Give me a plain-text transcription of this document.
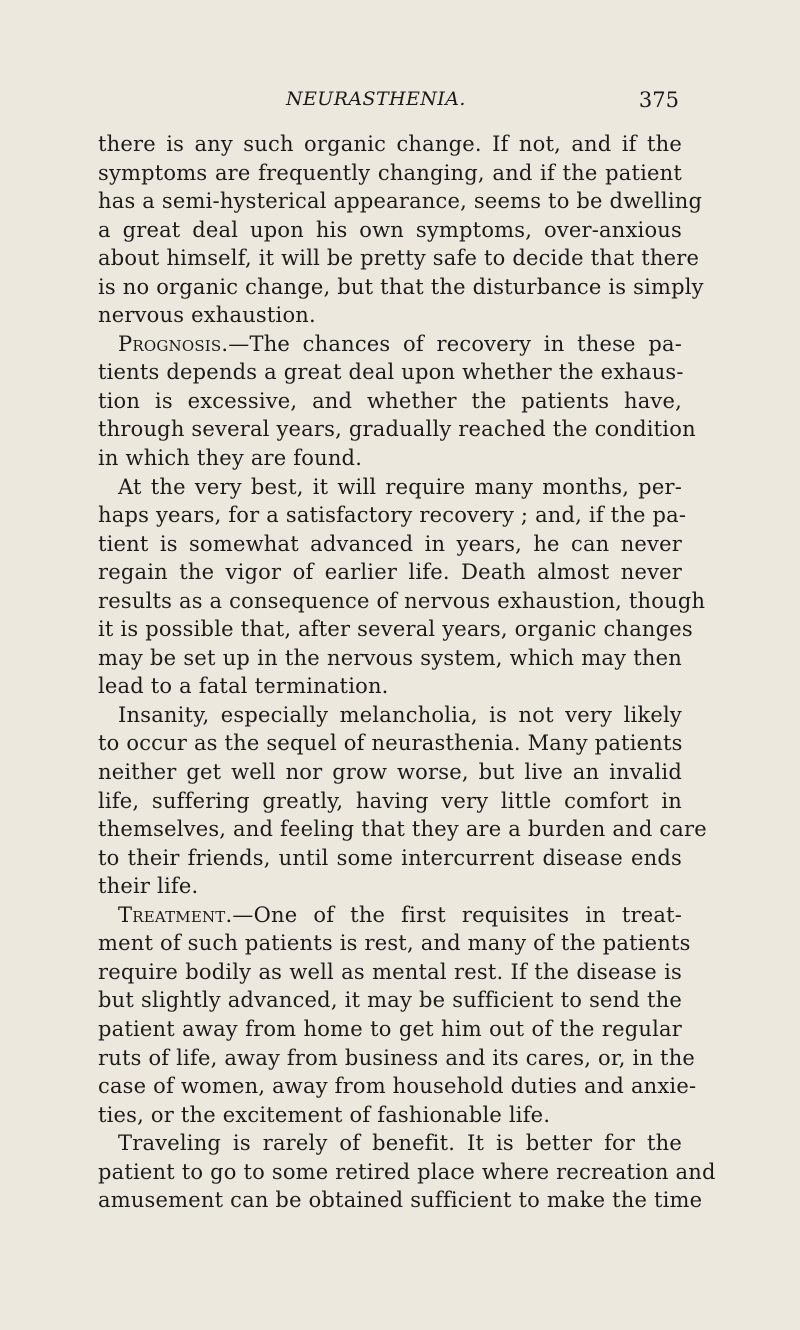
NEURASTHENIA.	375
there is any such organic change. If not, and if the
symptoms are frequently changing, and if the patient
has a semi-hysterical appearance, seems to be dwelling
a great deal upon his own symptoms, over-anxious
about himself, it will be pretty safe to decide that there
is no organic change, but that the disturbance is simply
nervous exhaustion.
Prognosis.—The chances of recovery in these pa-
tients depends a great deal upon whether the exhaus-
tion is excessive, and whether the patients have,
through several years, gradually reached the condition
in which they are found.
At the very best, it will require many months, per-
haps years, for a satisfactory recovery ; and, if the pa-
tient is somewhat advanced in years, he can never
regain the vigor of earlier life. Death almost never
results as a consequence of nervous exhaustion, though
it is possible that, after several years, organic changes
may be set up in the nervous system, which may then
lead to a fatal termination.
Insanity, especially melancholia, is not very likely
to occur as the sequel of neurasthenia. Many patients
neither get well nor grow worse, but live an invalid
life, suffering greatly, having very little comfort in
themselves, and feeling that they are a burden and care
to their friends, until some intercurrent disease ends
their life.
Treatment.—One of the first requisites in treat-
ment of such patients is rest, and many of the patients
require bodily as well as mental rest. If the disease is
but slightly advanced, it may be sufficient to send the
patient away from home to get him out of the regular
ruts of life, away from business and its cares, or, in the
case of women, away from household duties and anxie-
ties, or the excitement of fashionable life.
Traveling is rarely of benefit. It is better for the
patient to go to some retired place where recreation and
amusement can be obtained sufficient to make the time
